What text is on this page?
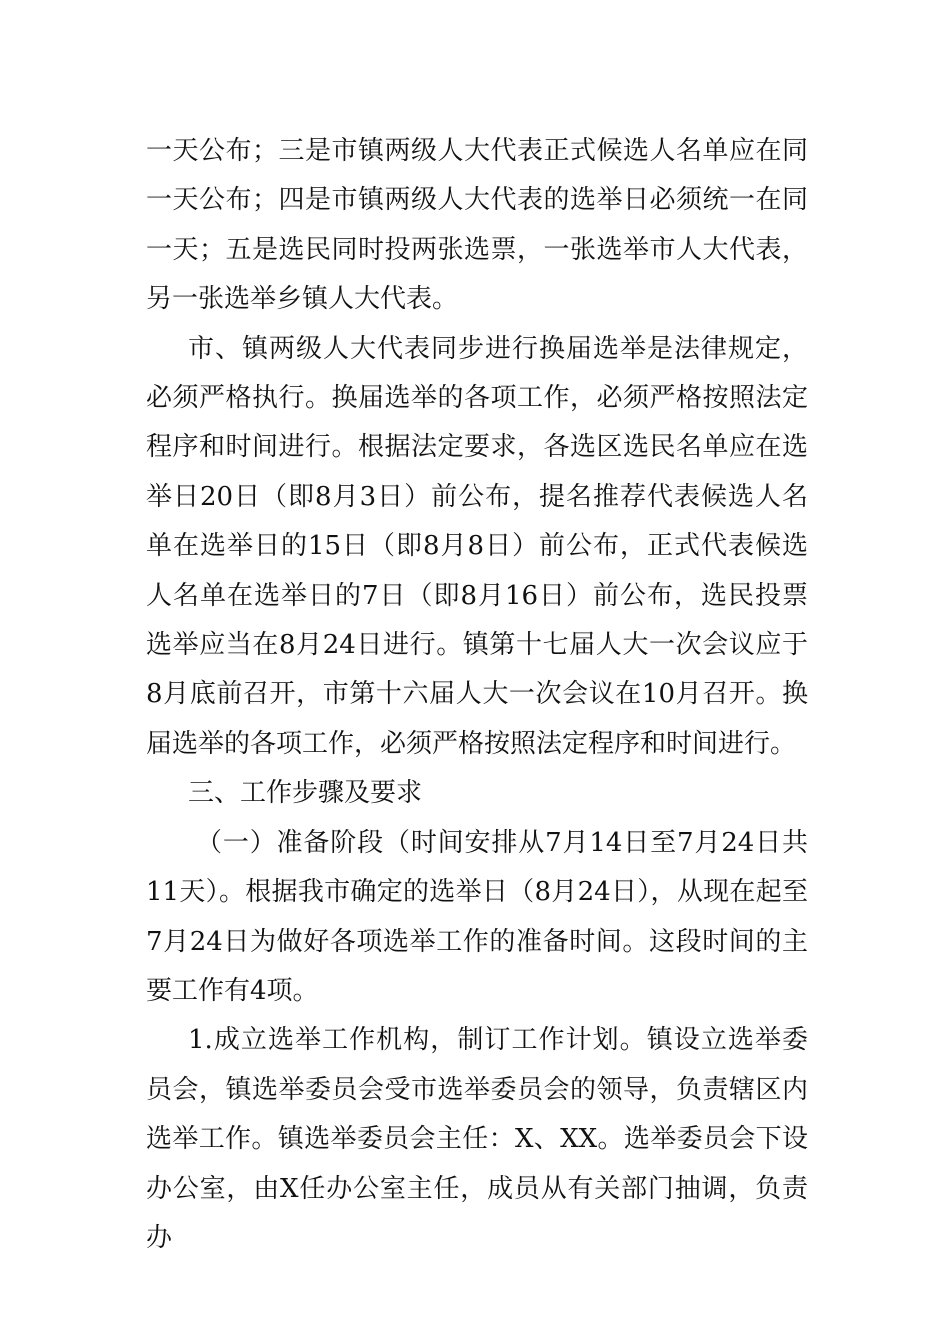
一天公布；三是市镇两级人大代表正式候选人名单应在同一天公布；四是市镇两级人大代表的选举日必须统一在同一天；五是选民同时投两张选票，一张选举市人大代表，另一张选举乡镇人大代表。

市、镇两级人大代表同步进行换届选举是法律规定，必须严格执行。换届选举的各项工作，必须严格按照法定程序和时间进行。根据法定要求，各选区选民名单应在选举日20日（即8月3日）前公布，提名推荐代表候选人名单在选举日的15日（即8月8日）前公布，正式代表候选人名单在选举日的7日（即8月16日）前公布，选民投票选举应当在8月24日进行。镇第十七届人大一次会议应于8月底前召开，市第十六届人大一次会议在10月召开。换届选举的各项工作，必须严格按照法定程序和时间进行。

三、工作步骤及要求

（一）准备阶段（时间安排从7月14日至7月24日共11天）。根据我市确定的选举日（8月24日），从现在起至7月24日为做好各项选举工作的准备时间。这段时间的主要工作有4项。

1.成立选举工作机构，制订工作计划。镇设立选举委员会，镇选举委员会受市选举委员会的领导，负责辖区内选举工作。镇选举委员会主任：X、XX。选举委员会下设办公室，由X任办公室主任，成员从有关部门抽调，负责办
